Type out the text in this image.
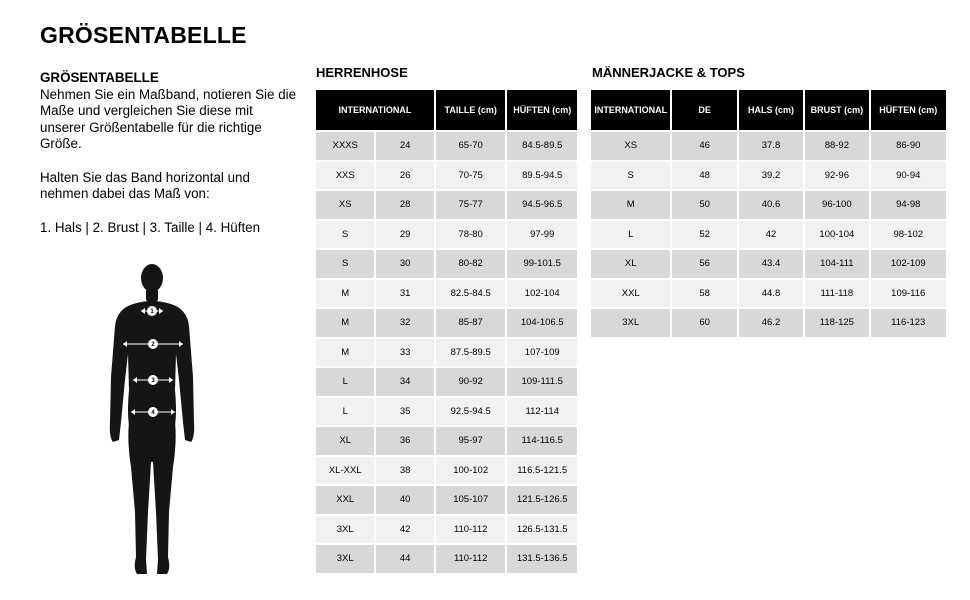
GRÖSENTABELLE
GRÖSENTABELLE

Nehmen Sie ein Maßband, notieren Sie die Maße und vergleichen Sie diese mit unserer Größentabelle für die richtige Größe.

Halten Sie das Band horizontal und nehmen dabei das Maß von:

1. Hals | 2. Brust | 3. Taille | 4. Hüften

1
2
3
4
HERRENHOSE
INTERNATIONAL		TAILLE (cm)	HÜFTEN (cm)
XXXS	24	65-70	84.5-89.5
XXS	26	70-75	89.5-94.5
XS	28	75-77	94.5-96.5
S	29	78-80	97-99
S	30	80-82	99-101.5
M	31	82.5-84.5	102-104
M	32	85-87	104-106.5
M	33	87.5-89.5	107-109
L	34	90-92	109-111.5
L	35	92.5-94.5	112-114
XL	36	95-97	114-116.5
XL-XXL	38	100-102	116.5-121.5
XXL	40	105-107	121.5-126.5
3XL	42	110-112	126.5-131.5
3XL	44	110-112	131.5-136.5
MÄNNERJACKE & TOPS
INTERNATIONAL	DE	HALS (cm)	BRUST (cm)	HÜFTEN (cm)
XS	46	37.8	88-92	86-90
S	48	39.2	92-96	90-94
M	50	40.6	96-100	94-98
L	52	42	100-104	98-102
XL	56	43.4	104-111	102-109
XXL	58	44.8	111-118	109-116
3XL	60	46.2	118-125	116-123
